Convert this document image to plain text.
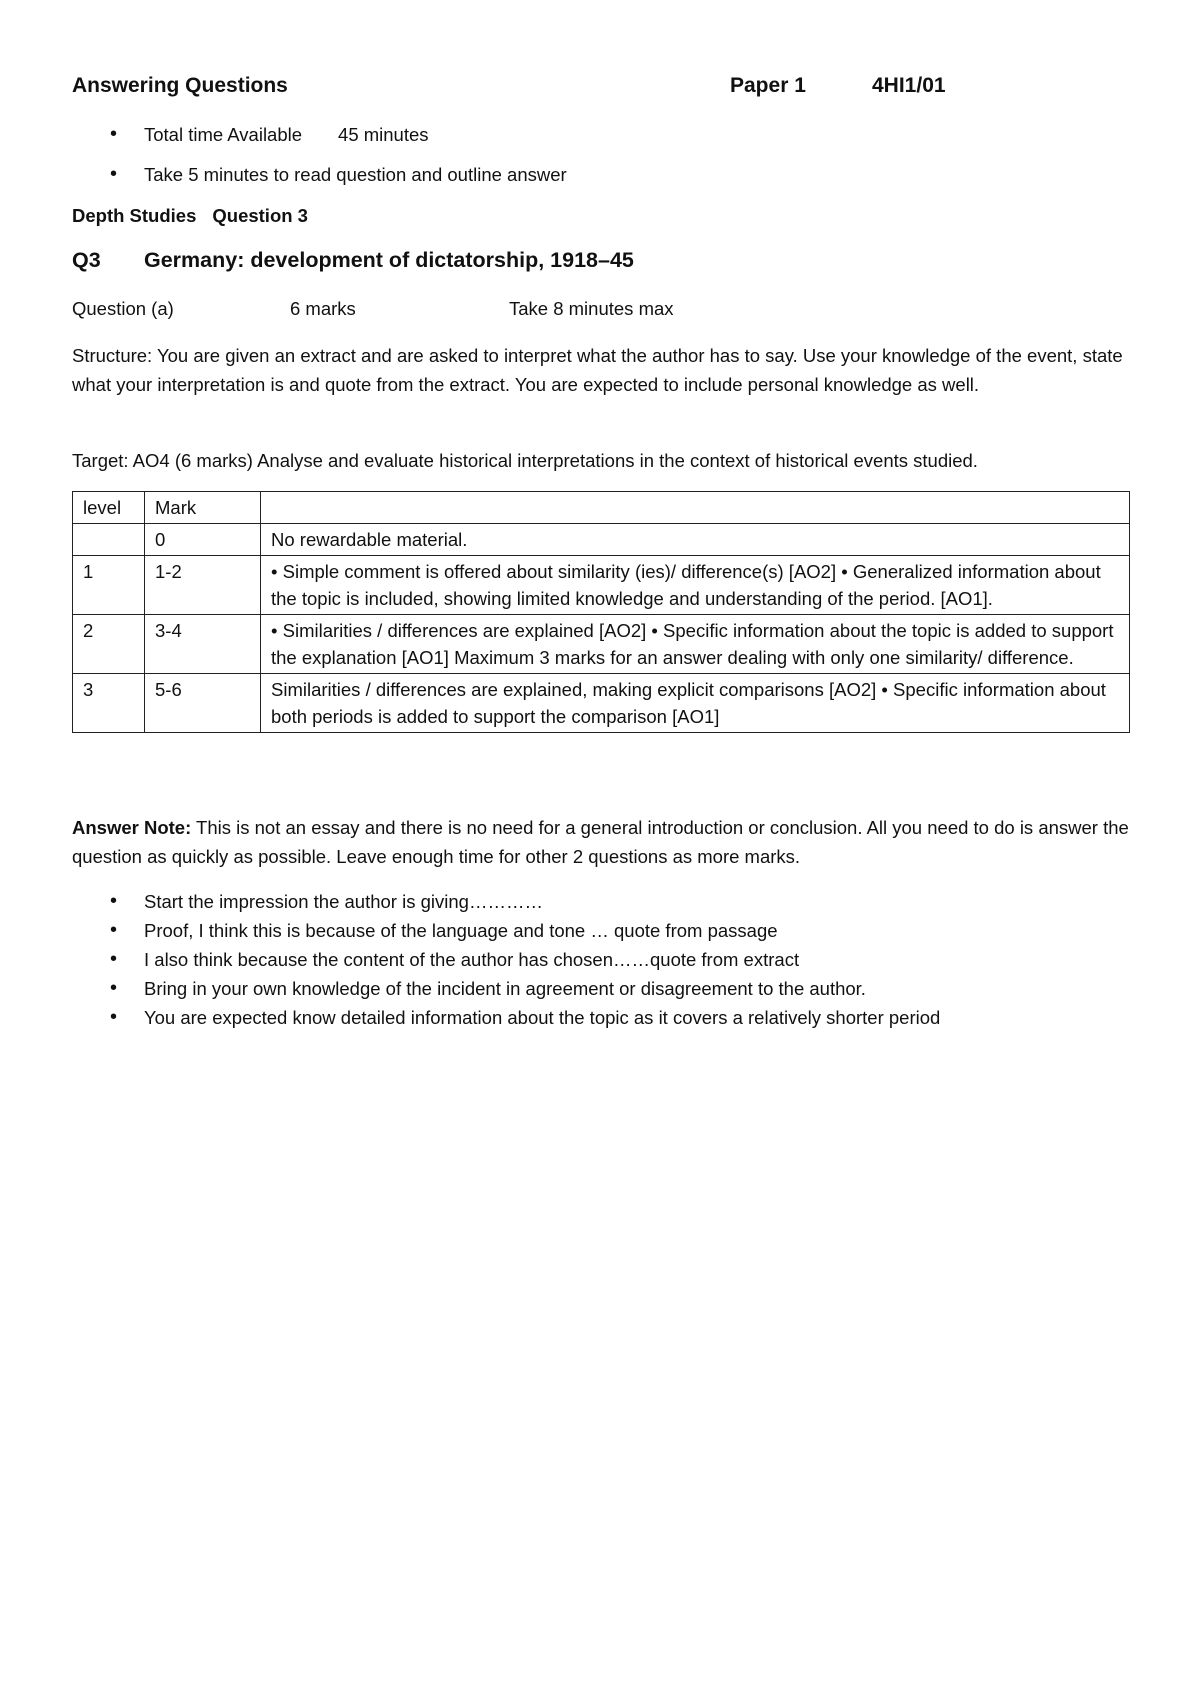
Answering Questions	Paper 1	4HI1/01
• Total time Available 45 minutes
• Take 5 minutes to read question and outline answer
Depth Studies Question 3
Q3 Germany: development of dictatorship, 1918–45
Question (a)	6 marks	Take 8 minutes max

Structure: You are given an extract and are asked to interpret what the author has to say. Use your knowledge of the event, state what your interpretation is and quote from the extract. You are expected to include personal knowledge as well.

Target: AO4 (6 marks) Analyse and evaluate historical interpretations in the context of historical events studied.

level	Mark	
	0	No rewardable material.
1	1-2	• Simple comment is offered about similarity (ies)/ difference(s) [AO2] • Generalized information about the topic is included, showing limited knowledge and understanding of the period. [AO1].
2	3-4	• Similarities / differences are explained [AO2] • Specific information about the topic is added to support the explanation [AO1] Maximum 3 marks for an answer dealing with only one similarity/ difference.
3	5-6	Similarities / differences are explained, making explicit comparisons [AO2] • Specific information about both periods is added to support the comparison [AO1]

Answer Note: This is not an essay and there is no need for a general introduction or conclusion. All you need to do is answer the question as quickly as possible. Leave enough time for other 2 questions as more marks.

• Start the impression the author is giving…………
• Proof, I think this is because of the language and tone … quote from passage
• I also think because the content of the author has chosen……quote from extract
• Bring in your own knowledge of the incident in agreement or disagreement to the author.
• You are expected know detailed information about the topic as it covers a relatively shorter period
